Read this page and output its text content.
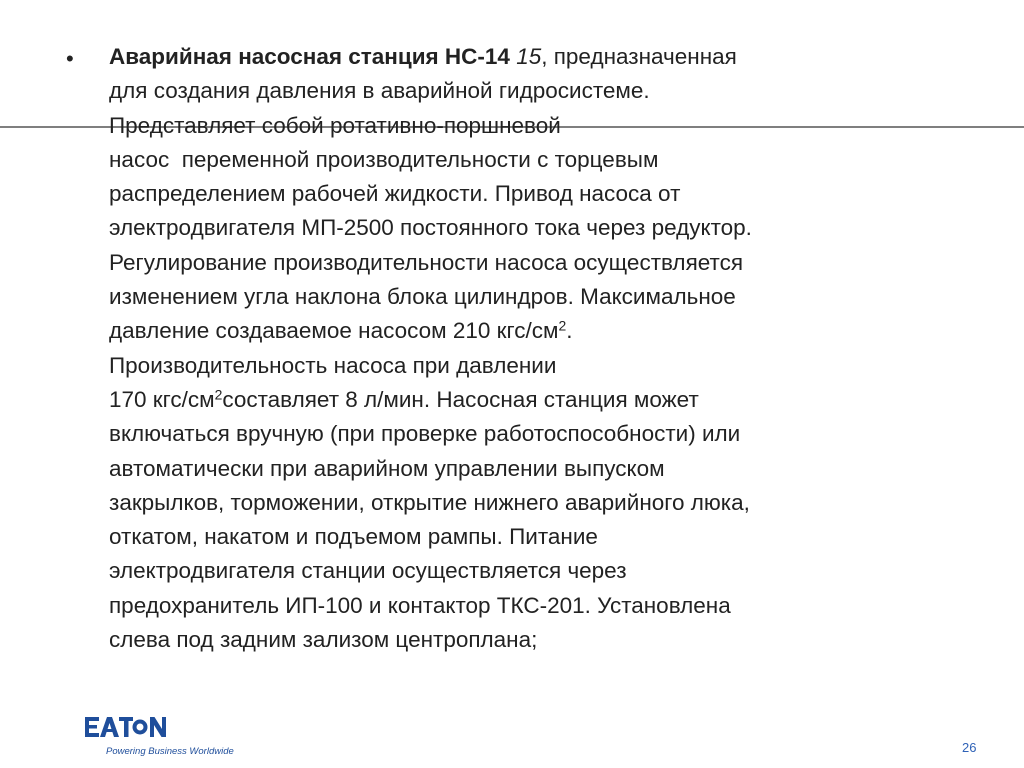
• Аварийная насосная станция НС-14 15, предназначенная
для создания давления в аварийной гидросистеме.
Представляет собой ротативно-поршневой
насос  переменной производительности с торцевым
распределением рабочей жидкости. Привод насоса от
электродвигателя МП-2500 постоянного тока через редуктор.
Регулирование производительности насоса осуществляется
изменением угла наклона блока цилиндров. Максимальное
давление создаваемое насосом 210 кгс/$см^2$.
Производительность насоса при давлении
170 кгс/$см^2составляет$ 8 л/мин. Насосная станция может
включаться вручную (при проверке работоспособности) или
автоматически при аварийном управлении выпуском
закрылков, торможении, открытие нижнего аварийного люка,
откатом, накатом и подъемом рампы. Питание
электродвигателя станции осуществляется через
предохранитель ИП-100 и контактор ТКС-201. Установлена
слева под задним зализом центроплана;
Powering Business Worldwide	26
